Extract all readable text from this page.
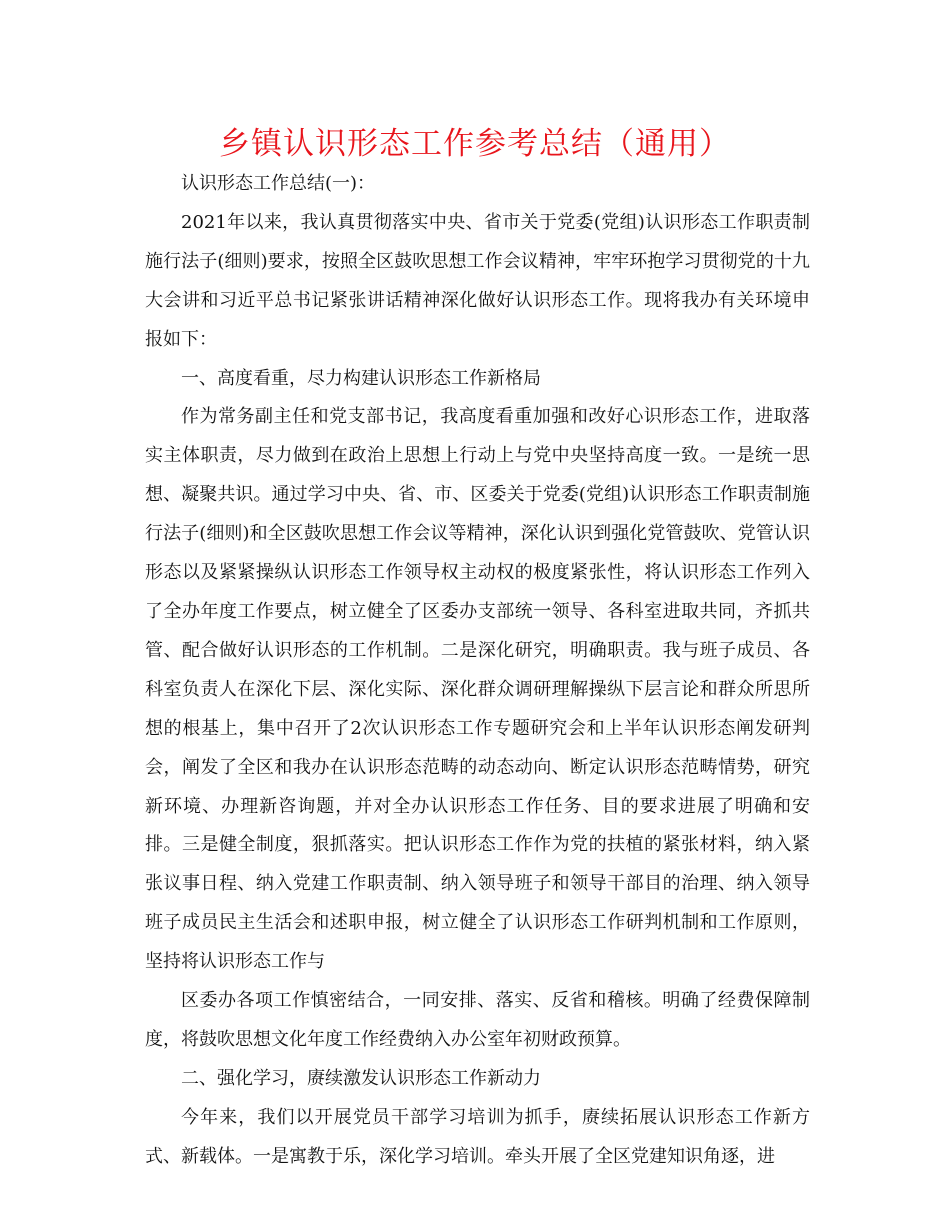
乡镇认识形态工作参考总结（通用）

认识形态工作总结(一)：

2021年以来，我认真贯彻落实中央、省市关于党委(党组)认识形态工作职责制施行法子(细则)要求，按照全区鼓吹思想工作会议精神，牢牢环抱学习贯彻党的十九大会讲和习近平总书记紧张讲话精神深化做好认识形态工作。现将我办有关环境申报如下：

一、高度看重，尽力构建认识形态工作新格局

作为常务副主任和党支部书记，我高度看重加强和改好心识形态工作，进取落实主体职责，尽力做到在政治上思想上行动上与党中央坚持高度一致。一是统一思想、凝聚共识。通过学习中央、省、市、区委关于党委(党组)认识形态工作职责制施行法子(细则)和全区鼓吹思想工作会议等精神，深化认识到强化党管鼓吹、党管认识形态以及紧紧操纵认识形态工作领导权主动权的极度紧张性，将认识形态工作列入了全办年度工作要点，树立健全了区委办支部统一领导、各科室进取共同，齐抓共管、配合做好认识形态的工作机制。二是深化研究，明确职责。我与班子成员、各科室负责人在深化下层、深化实际、深化群众调研理解操纵下层言论和群众所思所想的根基上，集中召开了2次认识形态工作专题研究会和上半年认识形态阐发研判会，阐发了全区和我办在认识形态范畴的动态动向、断定认识形态范畴情势，研究新环境、办理新咨询题，并对全办认识形态工作任务、目的要求进展了明确和安排。三是健全制度，狠抓落实。把认识形态工作作为党的扶植的紧张材料，纳入紧张议事日程、纳入党建工作职责制、纳入领导班子和领导干部目的治理、纳入领导班子成员民主生活会和述职申报，树立健全了认识形态工作研判机制和工作原则，坚持将认识形态工作与

区委办各项工作慎密结合，一同安排、落实、反省和稽核。明确了经费保障制度，将鼓吹思想文化年度工作经费纳入办公室年初财政预算。

二、强化学习，赓续激发认识形态工作新动力

今年来，我们以开展党员干部学习培训为抓手，赓续拓展认识形态工作新方式、新载体。一是寓教于乐，深化学习培训。牵头开展了全区党建知识角逐，进
